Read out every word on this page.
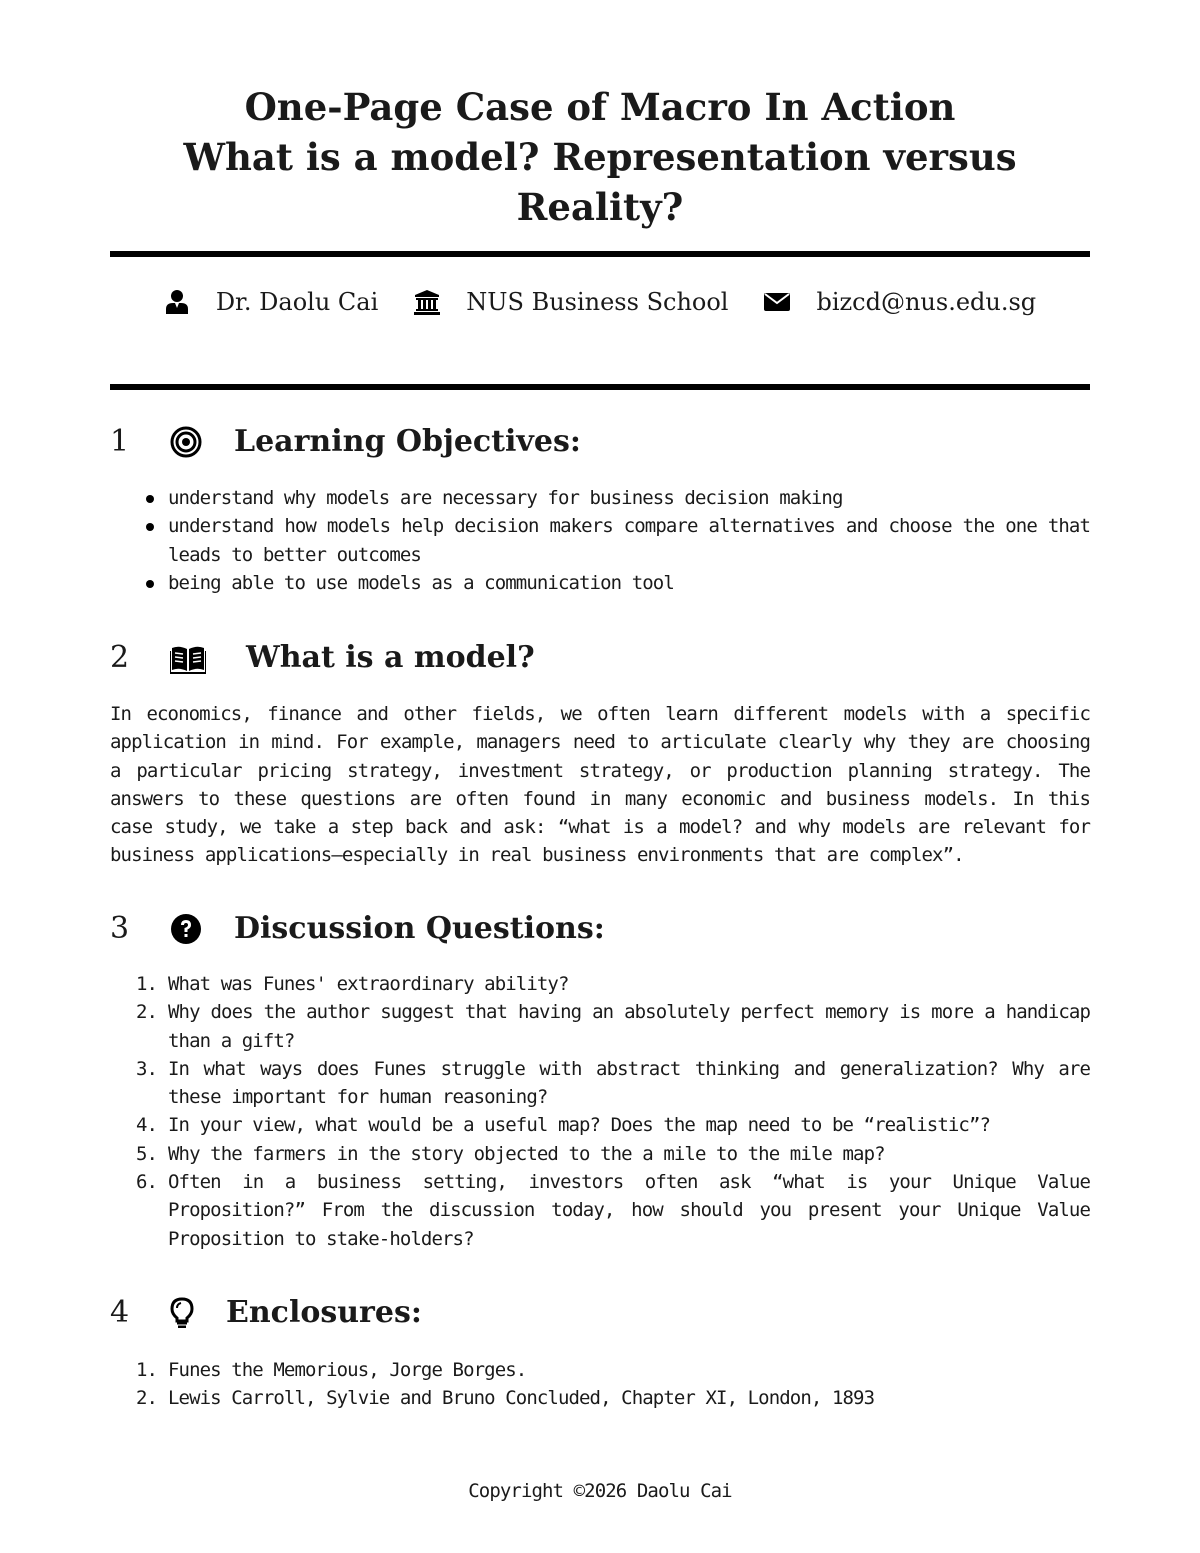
One-Page Case of Macro In Action
What is a model? Representation versus
Reality?
Dr. Daolu Cai	NUS Business School	bizcd@nus.edu.sg
1	Learning Objectives:
understand why models are necessary for business decision making
understand how models help decision makers compare alternatives and choose the one that leads to better outcomes
being able to use models as a communication tool
2	What is a model?

In economics, finance and other fields, we often learn different models with a specific application in mind. For example, managers need to articulate clearly why they are choosing a particular pricing strategy, investment strategy, or production planning strategy. The answers to these questions are often found in many economic and business models. In this case study, we take a step back and ask: “what is a model? and why models are relevant for business applications–especially in real business environments that are complex”.

3	Discussion Questions:
1. What was Funes' extraordinary ability?
2. Why does the author suggest that having an absolutely perfect memory is more a handicap than a gift?
3. In what ways does Funes struggle with abstract thinking and generalization? Why are these important for human reasoning?
4. In your view, what would be a useful map? Does the map need to be “realistic”?
5. Why the farmers in the story objected to the a mile to the mile map?
6. Often in a business setting, investors often ask “what is your Unique Value Proposition?” From the discussion today, how should you present your Unique Value Proposition to stake-holders?
4	Enclosures:
1. Funes the Memorious, Jorge Borges.
2. Lewis Carroll, Sylvie and Bruno Concluded, Chapter XI, London, 1893
Copyright ©2026 Daolu Cai
